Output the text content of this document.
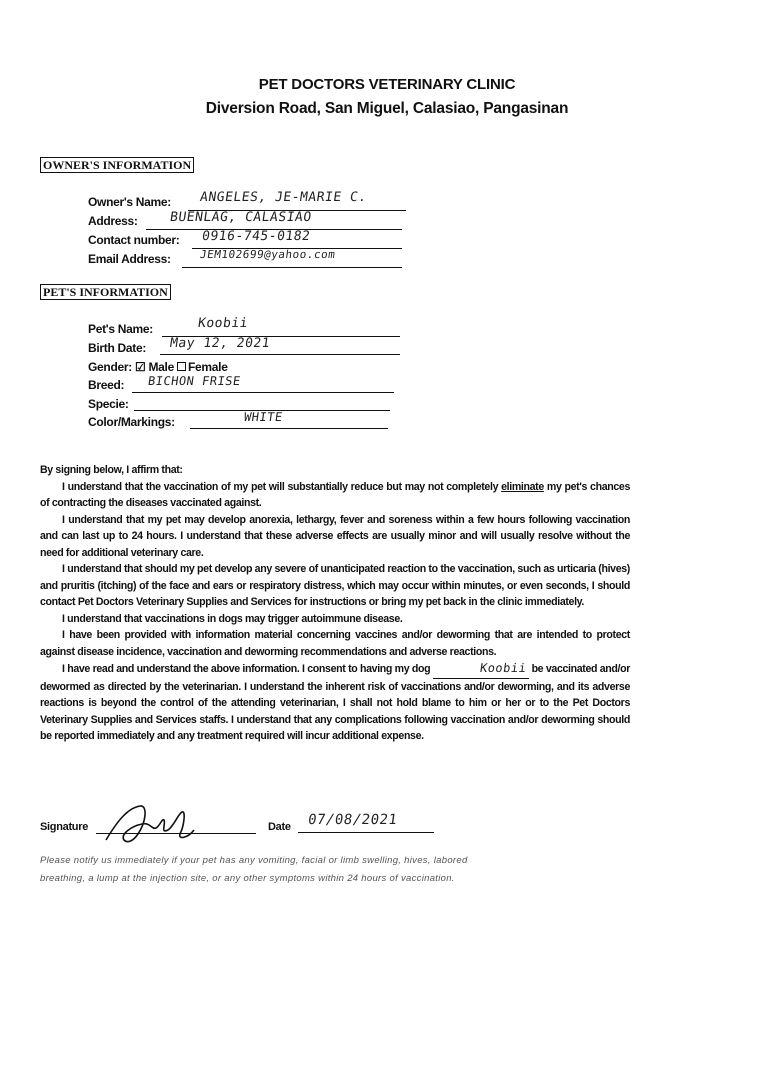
PET DOCTORS VETERINARY CLINIC
Diversion Road, San Miguel, Calasiao, Pangasinan
OWNER'S INFORMATION
Owner's Name: ANGELES, JE-MARIE C.
Address: BUENLAG, CALASIAO
Contact number: 0916-745-0182
Email Address:	JEM102699@yahoo.com
PET'S INFORMATION
Pet's Name:	Koobii
Birth Date: May 12, 2021
Gender: ☑ Male Female
Breed: BICHON FRISE
Specie:
Color/Markings:	WHITE

By signing below, I affirm that:

I understand that the vaccination of my pet will substantially reduce but may not completely eliminate my pet's chances of contracting the diseases vaccinated against.

I understand that my pet may develop anorexia, lethargy, fever and soreness within a few hours following vaccination and can last up to 24 hours. I understand that these adverse effects are usually minor and will usually resolve without the need for additional veterinary care.

I understand that should my pet develop any severe of unanticipated reaction to the vaccination, such as urticaria (hives) and pruritis (itching) of the face and ears or respiratory distress, which may occur within minutes, or even seconds, I should contact Pet Doctors Veterinary Supplies and Services for instructions or bring my pet back in the clinic immediately.

I understand that vaccinations in dogs may trigger autoimmune disease.

I have been provided with information material concerning vaccines and/or deworming that are intended to protect against disease incidence, vaccination and deworming recommendations and adverse reactions.

I have read and understand the above information. I consent to having my dog	Koobii be vaccinated and/or dewormed as directed by the veterinarian. I understand the inherent risk of vaccinations and/or deworming, and its adverse reactions is beyond the control of the attending veterinarian, I shall not hold blame to him or her or to the Pet Doctors Veterinary Supplies and Services staffs. I understand that any complications following vaccination and/or deworming should be reported immediately and any treatment required will incur additional expense.

Signature	Date 07/08/2021
Please notify us immediately if your pet has any vomiting, facial or limb swelling, hives, labored
breathing, a lump at the injection site, or any other symptoms within 24 hours of vaccination.
